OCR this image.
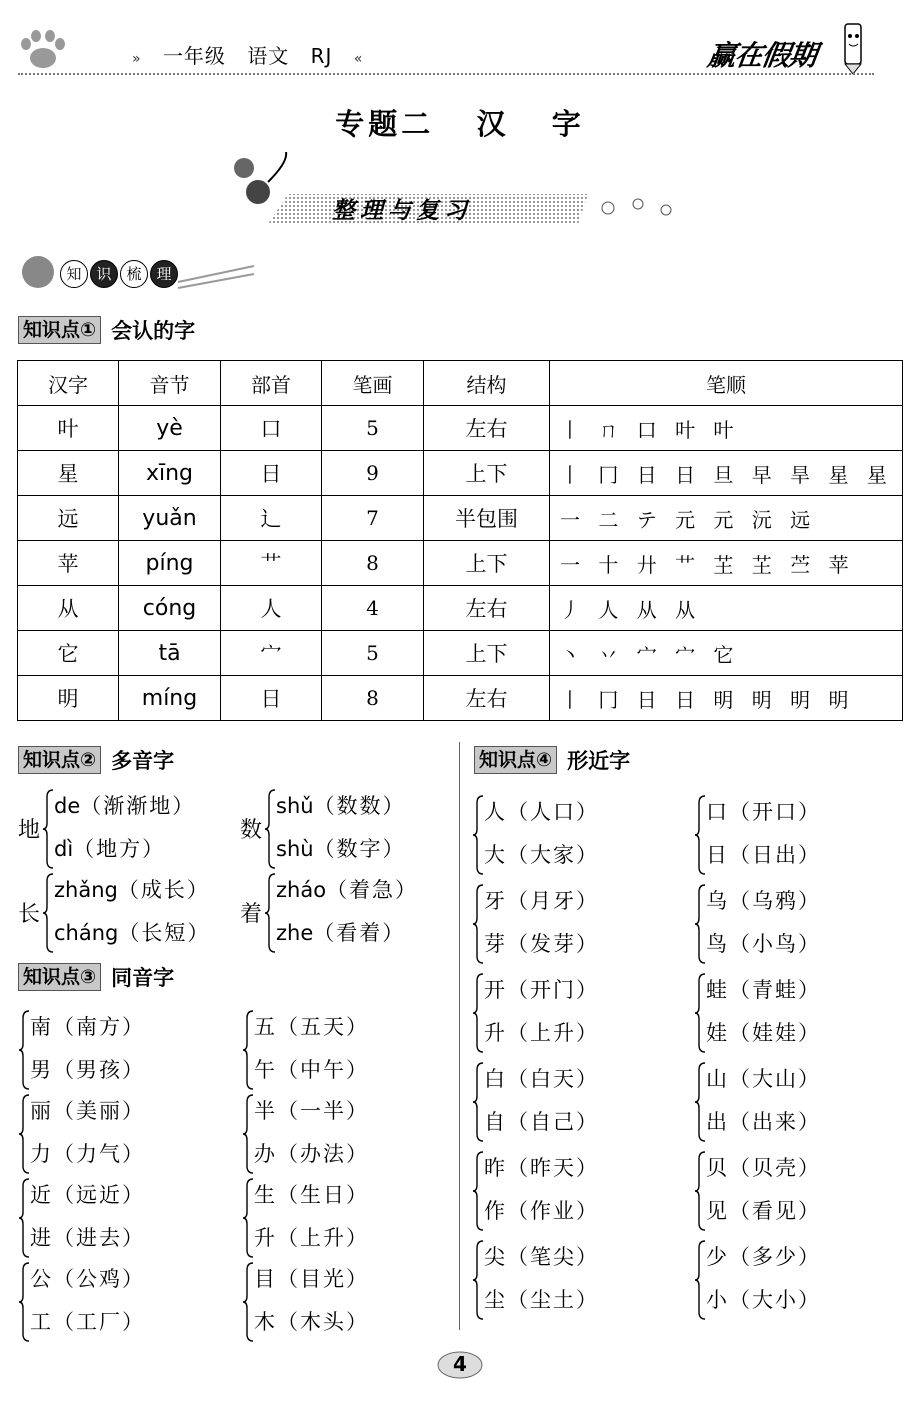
» 一年级 语文 RJ «	赢在假期
专题二   汉   字
整理与复习
知 识 梳 理
知识点① 会认的字
汉字	音节	部首	笔画	结构	笔顺
叶	yè	口	5	左右	丨 ㄇ 口 叶 叶
星	xīng	日	9	上下	丨 冂 日 日 旦 早 旱 星 星
远	yuǎn	辶	7	半包围	一 二 テ 元 元 沅 远
苹	píng	艹	8	上下	一 十 廾 艹 芏 芏 苎 苹
从	cóng	人	4	左右	丿 人 从 从
它	tā	宀	5	上下	丶 丷 宀 宀 它
明	míng	日	8	左右	丨 冂 日 日 明 明 明 明
知识点② 多音字
地
de（渐渐地）
dì（地方）
数
shǔ（数数）
shù（数字）
长
zhǎng（成长）
cháng（长短）
着
zháo（着急）
zhe（看着）
知识点③ 同音字
南（南方）
男（男孩）
五（五天）
午（中午）
丽（美丽）
力（力气）
半（一半）
办（办法）
近（远近）
进（进去）
生（生日）
升（上升）
公（公鸡）
工（工厂）
目（目光）
木（木头）
知识点④ 形近字
人（人口）
大（大家）
口（开口）
日（日出）
牙（月牙）
芽（发芽）
乌（乌鸦）
鸟（小鸟）
开（开门）
升（上升）
蛙（青蛙）
娃（娃娃）
白（白天）
自（自己）
山（大山）
出（出来）
昨（昨天）
作（作业）
贝（贝壳）
见（看见）
尖（笔尖）
尘（尘土）
少（多少）
小（大小）
4
